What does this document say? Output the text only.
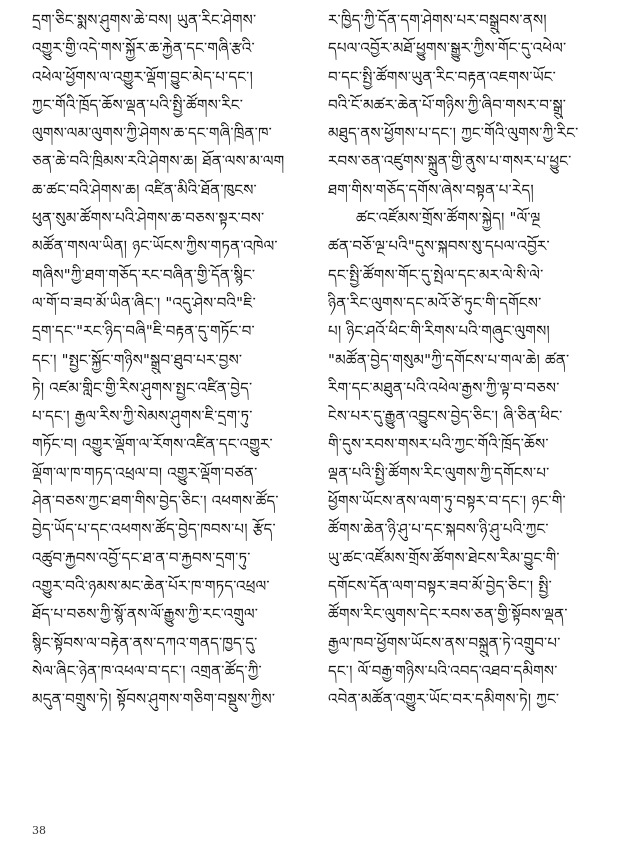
དྲག་ཅིང་སྨས་ཤུགས་ཆེ་བས། ཡུན་རིང་ཤེགས་
འགྱུར་གྱི་འདེ་གས་སྐྱོར་ཆ་རྐྱེན་དང་གཞི་རྩའི་
འཕེལ་ཕྱོགས་ལ་འགྱུར་ལྡོག་བྱུང་མེད་པ་དང་།
ཀྱང་གོའི་ཁྲོད་ཆོས་ལྡན་པའི་སྤྱི་ཚོགས་རིང་
ལུགས་ལམ་ལུགས་ཀྱི་ཤེགས་ཆ་དང་གཞི་ཁྲིན་ཁ་
ཅན་ཆེ་བའི་ཁྲིམས་རའི་ཤེགས་ཆ། ཐོན་ལས་མ་ལག
ཆ་ཚང་བའི་ཤེགས་ཆ། འཛིན་མིའི་ཐོན་ཁུངས་
ཕུན་སུམ་ཚོགས་པའི་ཤེགས་ཆ་བཅས་སྟར་བས་
མཚོན་གསལ་ཡིན། ཉང་ཡོངས་ཀྱིས་གཏན་འཁེལ་
གཞིས"ཀྱི་ཐག་གཅོད་རང་བཞིན་གྱི་དོན་སྙིང་
ལ་གོ་བ་ཟབ་མོ་ཡིན་ཞིང་། "འདུ་ཤེས་བའི"ཇི་
དྲག་དང་"རང་ཉིད་བཞི"ཇི་བརྟན་དུ་གཏོང་བ་
དང་། "སྤྱང་སྐྱོང་གཉིས"སྒྲུབ་ཐུབ་པར་བྱས་
ཏེ། འཛམ་གླིང་གྱི་རིས་ཤུགས་སྤྱང་འཛིན་བྱེད་
པ་དང་། རྒྱལ་རིས་ཀྱི་སེམས་ཤུགས་ཇི་དྲག་ཏུ་
གཏོང་བ། འགྱུར་ལྡོག་ལ་རོགས་འཛིན་དང་འགྱུར་
ལྡོག་ལ་ཁ་གཏད་འཕྲལ་བ། འགྱུར་ལྡོག་བཙན་
ཤེན་བཅས་ཀྱང་ཐག་གིས་བྱེད་ཅིང་། འཕགས་ཚོད་
བྱེད་ཡོད་པ་དང་འཕགས་ཚོད་བྱེད་ཁབས་པ། རྩོད་
འཚུབ་རྐྱབས་འབྱོ་དང་ཐ་ན་བ་རྐྱབས་དྲག་ཏུ་
འགྱུར་བའི་ཉམས་མང་ཆེན་པོར་ཁ་གཏད་འཕྲལ་
ཐོད་པ་བཅས་ཀྱི་སྙོ་ནས་ལོ་རྒྱུས་ཀྱི་རང་འགྲུལ་
སྙིང་སྟོབས་ལ་བརྟེན་ནས་དཀའ་གནད་ཁྱད་དུ་
སེལ་ཞིང་ཉེན་ཁ་འཕལ་བ་དང་། འགྲན་ཚོད་ཀྱི་
མདུན་བགྲུས་ཏེ། སྟོབས་ཤུགས་གཅིག་བསྡུས་ཀྱིས་
ར་ཁྱིད་ཀྱི་དོན་དག་ཤེགས་པར་བསྒྲུབས་ནས།
དཔལ་འབྱོར་མཐོ་ཕྱུགས་སྒྱུར་ཀྱིས་གོང་དུ་འཕེལ་
བ་དང་སྤྱི་ཚོགས་ཡུན་རིང་བརྟན་འཇགས་ཡོང་
བའི་ངོ་མཚར་ཆེན་པོ་གཉིས་ཀྱི་ཞིབ་གསར་བ་སྒྲུ་
མཐུད་ནས་ཕྱོགས་པ་དང་། ཀྱང་གོའི་ལུགས་ཀྱི་རིང་
རབས་ཅན་འཛུགས་སྐྲུན་གྱི་ནུས་པ་གསར་པ་ཕྱུང་
ཐག་གིས་གཅོད་དགོས་ཞེས་བསྟན་པ་རེད།
ཚང་འཛོམས་གྲོས་ཚོགས་སྐྱེད། "ལོ་ལྔ
ཚན་བཅོ་ལྔ་པའི"དུས་སྐབས་སུ་དཔལ་འབྱོར་
དང་སྤྱི་ཚོགས་གོང་དུ་སྤེལ་དང་མར་ལེ་སི་ལེ་
ཉིན་རིང་ལུགས་དང་མའོ་ཙེ་ཏུང་གི་དགོངས་
པ། ཉིང་ཤའོ་ཕིང་གི་རིགས་པའི་གཞུང་ལུགས།
"མཚོན་བྱེད་གསུམ"ཀྱི་དགོངས་པ་གལ་ཆེ། ཚན་
རིག་དང་མཐུན་པའི་འཕེལ་རྒྱས་ཀྱི་ལྟ་བ་བཅས་
ངེས་པར་དུ་རྒྱུན་འབྱུངས་བྱེད་ཅིང་། ཞི་ཅིན་ཕིང་
གི་དུས་རབས་གསར་པའི་ཀྱང་གོའི་ཁྲོད་ཆོས་
ལྡན་པའི་སྤྱི་ཚོགས་རིང་ལུགས་ཀྱི་དགོངས་པ་
ཕྱོགས་ཡོངས་ནས་ལག་ཏུ་བསྟར་བ་དང་། ཉང་གི་
ཚོགས་ཆེན་ཉི་ཤུ་པ་དང་སྐབས་ཉི་ཤུ་པའི་ཀྱང་
ཡུ་ཚང་འཛོམས་གྲོས་ཚོགས་ཐེངས་རིམ་བྱུང་གི་
དགོངས་དོན་ལག་བསྟར་ཟབ་མོ་བྱེད་ཅིང་། སྤྱི་
ཚོགས་རིང་ལུགས་དེང་རབས་ཅན་གྱི་སྟོབས་ལྡན་
རྒྱལ་ཁབ་ཕྱོགས་ཡོངས་ནས་བསྐྲུན་ཏེ་འགྲུབ་པ་
དང་། ལོ་བརྒྱ་གཉིས་པའི་འབད་འཐབ་དམིགས་
འབེན་མཚོན་འགྱུར་ཡོང་བར་དམིགས་ཏེ། ཀྱང་
38
